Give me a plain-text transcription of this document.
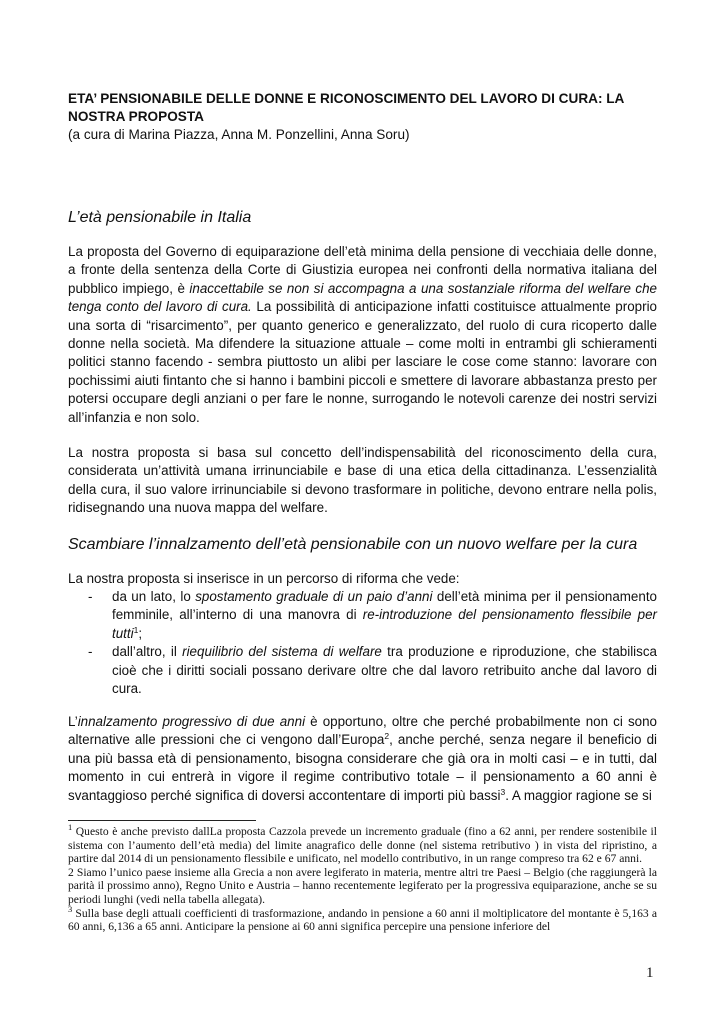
ETA’ PENSIONABILE DELLE DONNE E RICONOSCIMENTO DEL LAVORO DI CURA: LA NOSTRA PROPOSTA

(a cura di Marina Piazza, Anna M. Ponzellini, Anna Soru)

L’età pensionabile in Italia

La proposta del Governo di equiparazione dell’età minima della pensione di vecchiaia delle donne, a fronte della sentenza della Corte di Giustizia europea nei confronti della normativa italiana del pubblico impiego, è inaccettabile se non si accompagna a una sostanziale riforma del welfare che tenga conto del lavoro di cura. La possibilità di anticipazione infatti costituisce attualmente proprio una sorta di “risarcimento”, per quanto generico e generalizzato, del ruolo di cura ricoperto dalle donne nella società. Ma difendere la situazione attuale – come molti in entrambi gli schieramenti politici stanno facendo - sembra piuttosto un alibi per lasciare le cose come stanno: lavorare con pochissimi aiuti fintanto che si hanno i bambini piccoli e smettere di lavorare abbastanza presto per potersi occupare degli anziani o per fare le nonne, surrogando le notevoli carenze dei nostri servizi all’infanzia e non solo.

La nostra proposta si basa sul concetto dell’indispensabilità del riconoscimento della cura, considerata un’attività umana irrinunciabile e base di una etica della cittadinanza. L’essenzialità della cura, il suo valore irrinunciabile si devono trasformare in politiche, devono entrare nella polis, ridisegnando una nuova mappa del welfare.

Scambiare l’innalzamento dell’età pensionabile con un nuovo welfare per la cura

La nostra proposta si inserisce in un percorso di riforma che vede:

- da un lato, lo spostamento graduale di un paio d’anni dell’età minima per il pensionamento femminile, all’interno di una manovra di re-introduzione del pensionamento flessibile per tutti$^1$;
- dall’altro, il riequilibrio del sistema di welfare tra produzione e riproduzione, che stabilisca cioè che i diritti sociali possano derivare oltre che dal lavoro retribuito anche dal lavoro di cura.

L’innalzamento progressivo di due anni è opportuno, oltre che perché probabilmente non ci sono alternative alle pressioni che ci vengono dall’Europa$^2$, anche perché, senza negare il beneficio di una più bassa età di pensionamento, bisogna considerare che già ora in molti casi – e in tutti, dal momento in cui entrerà in vigore il regime contributivo totale – il pensionamento a 60 anni è svantaggioso perché significa di doversi accontentare di importi più bassi$^3$. A maggior ragione se si

$^1$ Questo è anche previsto dallLa proposta Cazzola prevede un incremento graduale (fino a 62 anni, per rendere sostenibile il sistema con l’aumento dell’età media) del limite anagrafico delle donne (nel sistema retributivo ) in vista del ripristino, a partire dal 2014 di un pensionamento flessibile e unificato, nel modello contributivo, in un range compreso tra 62 e 67 anni.

2 Siamo l’unico paese insieme alla Grecia a non avere legiferato in materia, mentre altri tre Paesi – Belgio (che raggiungerà la parità il prossimo anno), Regno Unito e Austria – hanno recentemente legiferato per la progressiva equiparazione, anche se su periodi lunghi (vedi nella tabella allegata).

$^3$ Sulla base degli attuali coefficienti di trasformazione, andando in pensione a 60 anni il moltiplicatore del montante è 5,163 a 60 anni, 6,136 a 65 anni. Anticipare la pensione ai 60 anni significa percepire una pensione inferiore del

1
